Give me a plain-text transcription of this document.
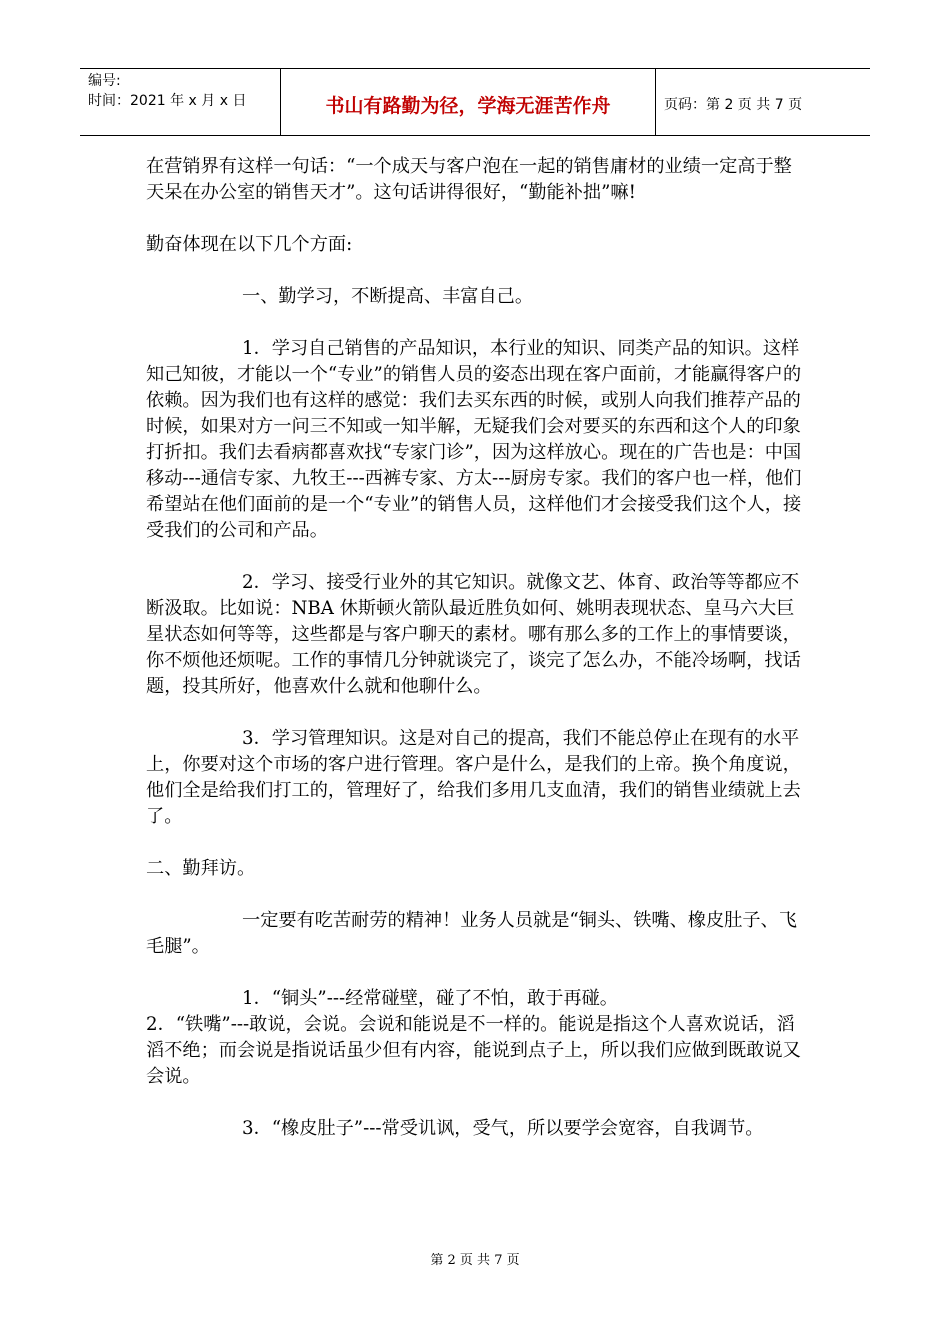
编号:
时间：2021 年 x 月 x 日	书山有路勤为径，学海无涯苦作舟	页码：第 2 页 共 7 页

在营销界有这样一句话：“一个成天与客户泡在一起的销售庸材的业绩一定高于整天呆在办公室的销售天才”。这句话讲得很好，“勤能补拙”嘛!

勤奋体现在以下几个方面:

一、勤学习，不断提高、丰富自己。

1．学习自己销售的产品知识，本行业的知识、同类产品的知识。这样知己知彼，才能以一个“专业”的销售人员的姿态出现在客户面前，才能赢得客户的依赖。因为我们也有这样的感觉：我们去买东西的时候，或别人向我们推荐产品的时候，如果对方一问三不知或一知半解，无疑我们会对要买的东西和这个人的印象打折扣。我们去看病都喜欢找“专家门诊”，因为这样放心。现在的广告也是：中国移动---通信专家、九牧王---西裤专家、方太---厨房专家。我们的客户也一样，他们希望站在他们面前的是一个“专业”的销售人员，这样他们才会接受我们这个人，接受我们的公司和产品。

2．学习、接受行业外的其它知识。就像文艺、体育、政治等等都应不断汲取。比如说：NBA 休斯顿火箭队最近胜负如何、姚明表现状态、皇马六大巨星状态如何等等，这些都是与客户聊天的素材。哪有那么多的工作上的事情要谈，你不烦他还烦呢。工作的事情几分钟就谈完了，谈完了怎么办，不能冷场啊，找话题，投其所好，他喜欢什么就和他聊什么。

3．学习管理知识。这是对自己的提高，我们不能总停止在现有的水平上，你要对这个市场的客户进行管理。客户是什么，是我们的上帝。换个角度说，他们全是给我们打工的，管理好了，给我们多用几支血清，我们的销售业绩就上去了。

二、勤拜访。

一定要有吃苦耐劳的精神！业务人员就是“铜头、铁嘴、橡皮肚子、飞毛腿”。

1．“铜头”---经常碰壁，碰了不怕，敢于再碰。

2．“铁嘴”---敢说，会说。会说和能说是不一样的。能说是指这个人喜欢说话，滔滔不绝；而会说是指说话虽少但有内容，能说到点子上，所以我们应做到既敢说又会说。

3．“橡皮肚子”---常受讥讽，受气，所以要学会宽容，自我调节。

第 2 页 共 7 页
